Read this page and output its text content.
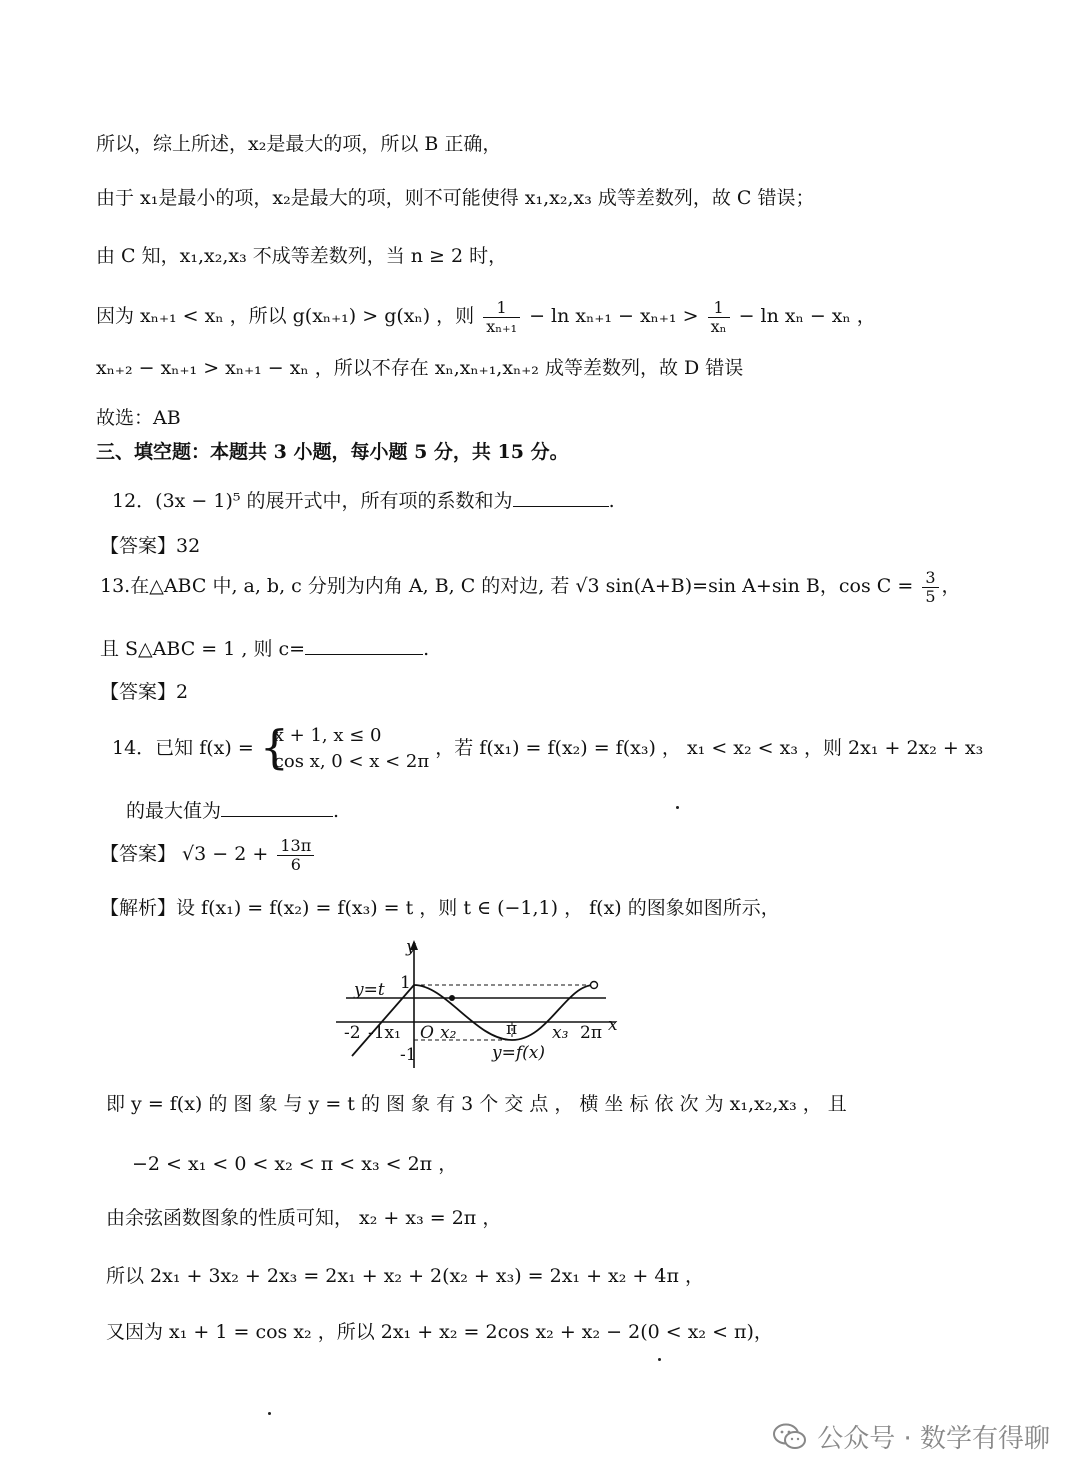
所以，综上所述，x₂是最大的项，所以 B 正确，
由于 x₁是最小的项，x₂是最大的项，则不可能使得 x₁,x₂,x₃ 成等差数列，故 C 错误；
由 C 知，x₁,x₂,x₃ 不成等差数列，当 n ≥ 2 时，
因为 xₙ₊₁ < xₙ ，所以 g(xₙ₊₁) > g(xₙ) ，则 $\frac{1}{\text{xₙ₊₁}} - \ln x_{n+1} - x_{n+1} > \frac{1}{\text{xₙ}} - \ln x_n - x_n$ ，
xₙ₊₂ − xₙ₊₁ > xₙ₊₁ − xₙ ，所以不存在 xₙ,xₙ₊₁,xₙ₊₂ 成等差数列，故 D 错误
故选：AB
三、填空题：本题共 3 小题，每小题 5 分，共 15 分。
12．(3x − 1)⁵ 的展开式中，所有项的系数和为	.
【答案】32
13.在△ABC 中, a, b, c 分别为内角 A, B, C 的对边, 若 √3 sin(A+B)=sin A+sin B，$\cos C = \frac{3}{5}$ ，
且 S△ABC = 1 , 则 c=	.
【答案】2
14．已知 f(x) = {
x + 1, x ≤ 0
cos x, 0 < x < 2π
，若 f(x₁) = f(x₂) = f(x₃) ， x₁ < x₂ < x₃ ，则 2x₁ + 2x₂ + x₃
的最大值为	.
【答案】 $√3 - 2 + \frac{13\pi}{6}$
【解析】设 f(x₁) = f(x₂) = f(x₃) = t ，则 t ∈ (−1,1) ， f(x) 的图象如图所示，
y
x
1
y=t
-2 -1x₁ O x₂	π x₃ 2π
-1	y=f(x)
即 y = f(x) 的 图 象 与 y = t 的 图 象 有 3 个 交 点 ， 横 坐 标 依 次 为 x₁,x₂,x₃ ， 且
−2 < x₁ < 0 < x₂ < π < x₃ < 2π ，
由余弦函数图象的性质可知， x₂ + x₃ = 2π ，
所以 2x₁ + 3x₂ + 2x₃ = 2x₁ + x₂ + 2(x₂ + x₃) = 2x₁ + x₂ + 4π ，
又因为 x₁ + 1 = cos x₂ ，所以 2x₁ + x₂ = 2cos x₂ + x₂ − 2(0 < x₂ < π)，
公众号 · 数学有得聊
